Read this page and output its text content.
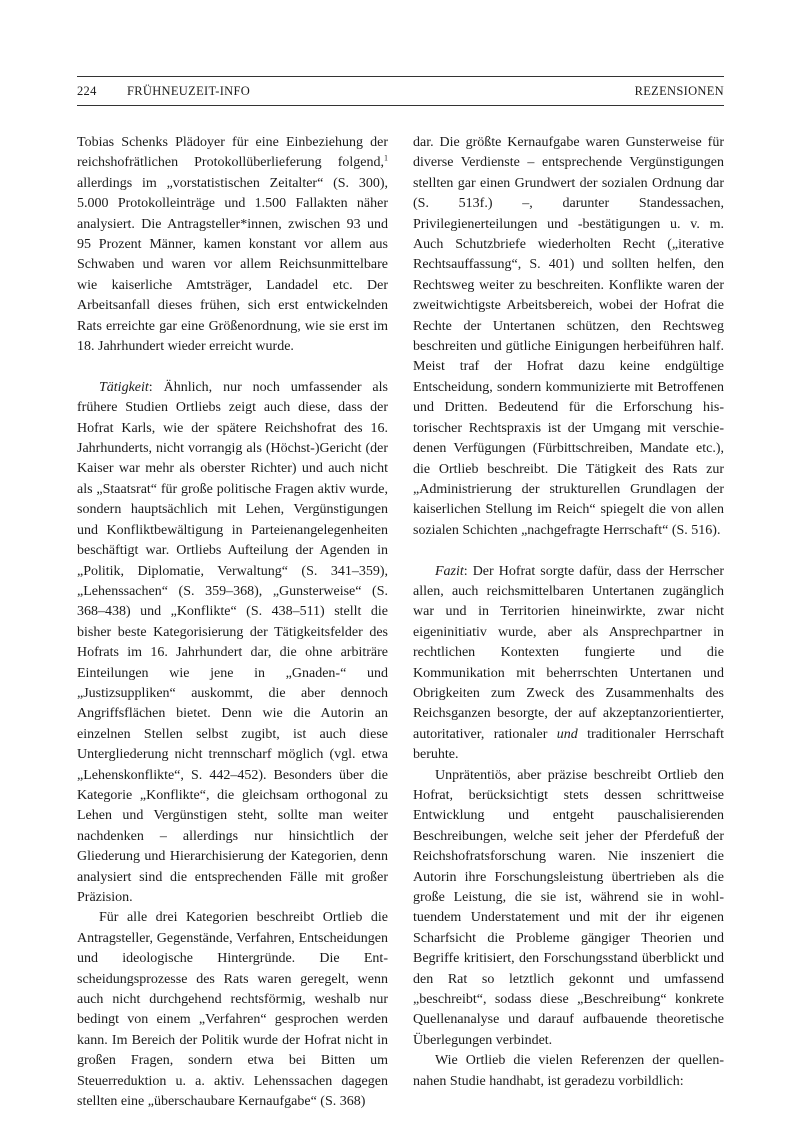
224 FRÜHNEUZEIT-INFO	REZENSIONEN

Tobias Schenks Plädoyer für eine Einbeziehung der reichshofrätlichen Protokollüberlieferung folgend,$^1$ allerdings im „vorstatistischen Zeitalter“ (S. 300), 5.000 Protokolleinträge und 1.500 Fallakten näher analysiert. Die Antragsteller*innen, zwischen 93 und 95 Prozent Männer, kamen konstant vor allem aus Schwaben und waren vor allem Reichsunmittelbare wie kaiserliche Amtsträger, Landadel etc. Der Arbeitsanfall dieses frühen, sich erst entwickelnden Rats erreichte gar eine Größenordnung, wie sie erst im 18. Jahrhundert wieder erreicht wurde.

Tätigkeit: Ähnlich, nur noch umfassender als frühere Studien Ortliebs zeigt auch diese, dass der Hofrat Karls, wie der spätere Reichshofrat des 16. Jahrhunderts, nicht vorrangig als (Höchst-)Gericht (der Kaiser war mehr als oberster Richter) und auch nicht als „Staatsrat“ für große politische Fragen aktiv wurde, sondern hauptsächlich mit Lehen, Vergünstigungen und Konfliktbewältigung in Parteienangelegenheiten beschäftigt war. Ortliebs Aufteilung der Agenden in „Politik, Diplomatie, Verwaltung“ (S. 341–359), „Lehenssachen“ (S. 359–368), „Gunsterweise“ (S. 368–438) und „Konflikte“ (S. 438–511) stellt die bisher beste Kategorisierung der Tätigkeitsfelder des Hofrats im 16. Jahrhundert dar, die ohne arbiträre Einteilungen wie jene in „Gnaden-“ und „Justizsuppliken“ auskommt, die aber dennoch Angriffsflächen bietet. Denn wie die Autorin an einzelnen Stellen selbst zugibt, ist auch diese Untergliederung nicht trennscharf möglich (vgl. etwa „Lehenskonflikte“, S. 442–452). Besonders über die Kategorie „Konflikte“, die gleichsam orthogonal zu Lehen und Vergünstigen steht, sollte man weiter nachdenken – allerdings nur hinsichtlich der Gliederung und Hierarchisierung der Kategorien, denn analysiert sind die entsprechenden Fälle mit großer Präzision.

Für alle drei Kategorien beschreibt Ortlieb die Antragsteller, Gegenstände, Verfahren, Entscheidungen und ideologische Hintergründe. Die Entscheidungsprozesse des Rats waren geregelt, wenn auch nicht durchgehend rechtsförmig, weshalb nur bedingt von einem „Verfahren“ gesprochen werden kann. Im Bereich der Politik wurde der Hofrat nicht in großen Fragen, sondern etwa bei Bitten um Steuerreduktion u. a. aktiv. Lehenssachen dagegen stellten eine „überschaubare Kernaufgabe“ (S. 368)

dar. Die größte Kernaufgabe waren Gunsterweise für diverse Verdienste – entsprechende Vergünstigungen stellten gar einen Grundwert der sozialen Ordnung dar (S. 513f.) –, darunter Standessachen, Privilegienerteilungen und -bestätigungen u. v. m. Auch Schutzbriefe wiederholten Recht („iterative Rechtsauffassung“, S. 401) und sollten helfen, den Rechtsweg weiter zu beschreiten. Konflikte waren der zweitwichtigste Arbeitsbereich, wobei der Hofrat die Rechte der Untertanen schützen, den Rechtsweg beschreiten und gütliche Einigungen herbeiführen half. Meist traf der Hofrat dazu keine endgültige Entscheidung, sondern kommunizierte mit Betroffenen und Dritten. Bedeutend für die Erforschung historischer Rechtspraxis ist der Umgang mit verschiedenen Verfügungen (Fürbittschreiben, Mandate etc.), die Ortlieb beschreibt. Die Tätigkeit des Rats zur „Administrierung der strukturellen Grundlagen der kaiserlichen Stellung im Reich“ spiegelt die von allen sozialen Schichten „nachgefragte Herrschaft“ (S. 516).

Fazit: Der Hofrat sorgte dafür, dass der Herrscher allen, auch reichsmittelbaren Untertanen zugänglich war und in Territorien hineinwirkte, zwar nicht eigeninitiativ wurde, aber als Ansprechpartner in rechtlichen Kontexten fungierte und die Kommunikation mit beherrschten Untertanen und Obrigkeiten zum Zweck des Zusammenhalts des Reichsganzen besorgte, der auf akzeptanzorientierter, autoritativer, rationaler und traditionaler Herrschaft beruhte.

Unprätentiös, aber präzise beschreibt Ortlieb den Hofrat, berücksichtigt stets dessen schrittweise Entwicklung und entgeht pauschalisierenden Beschreibungen, welche seit jeher der Pferdefuß der Reichshofratsforschung waren. Nie inszeniert die Autorin ihre Forschungsleistung übertrieben als die große Leistung, die sie ist, während sie in wohltuendem Understatement und mit der ihr eigenen Scharfsicht die Probleme gängiger Theorien und Begriffe kritisiert, den Forschungsstand überblickt und den Rat so letztlich gekonnt und umfassend „beschreibt“, sodass diese „Beschreibung“ konkrete Quellenanalyse und darauf aufbauende theoretische Überlegungen verbindet.

Wie Ortlieb die vielen Referenzen der quellennahen Studie handhabt, ist geradezu vorbildlich:
